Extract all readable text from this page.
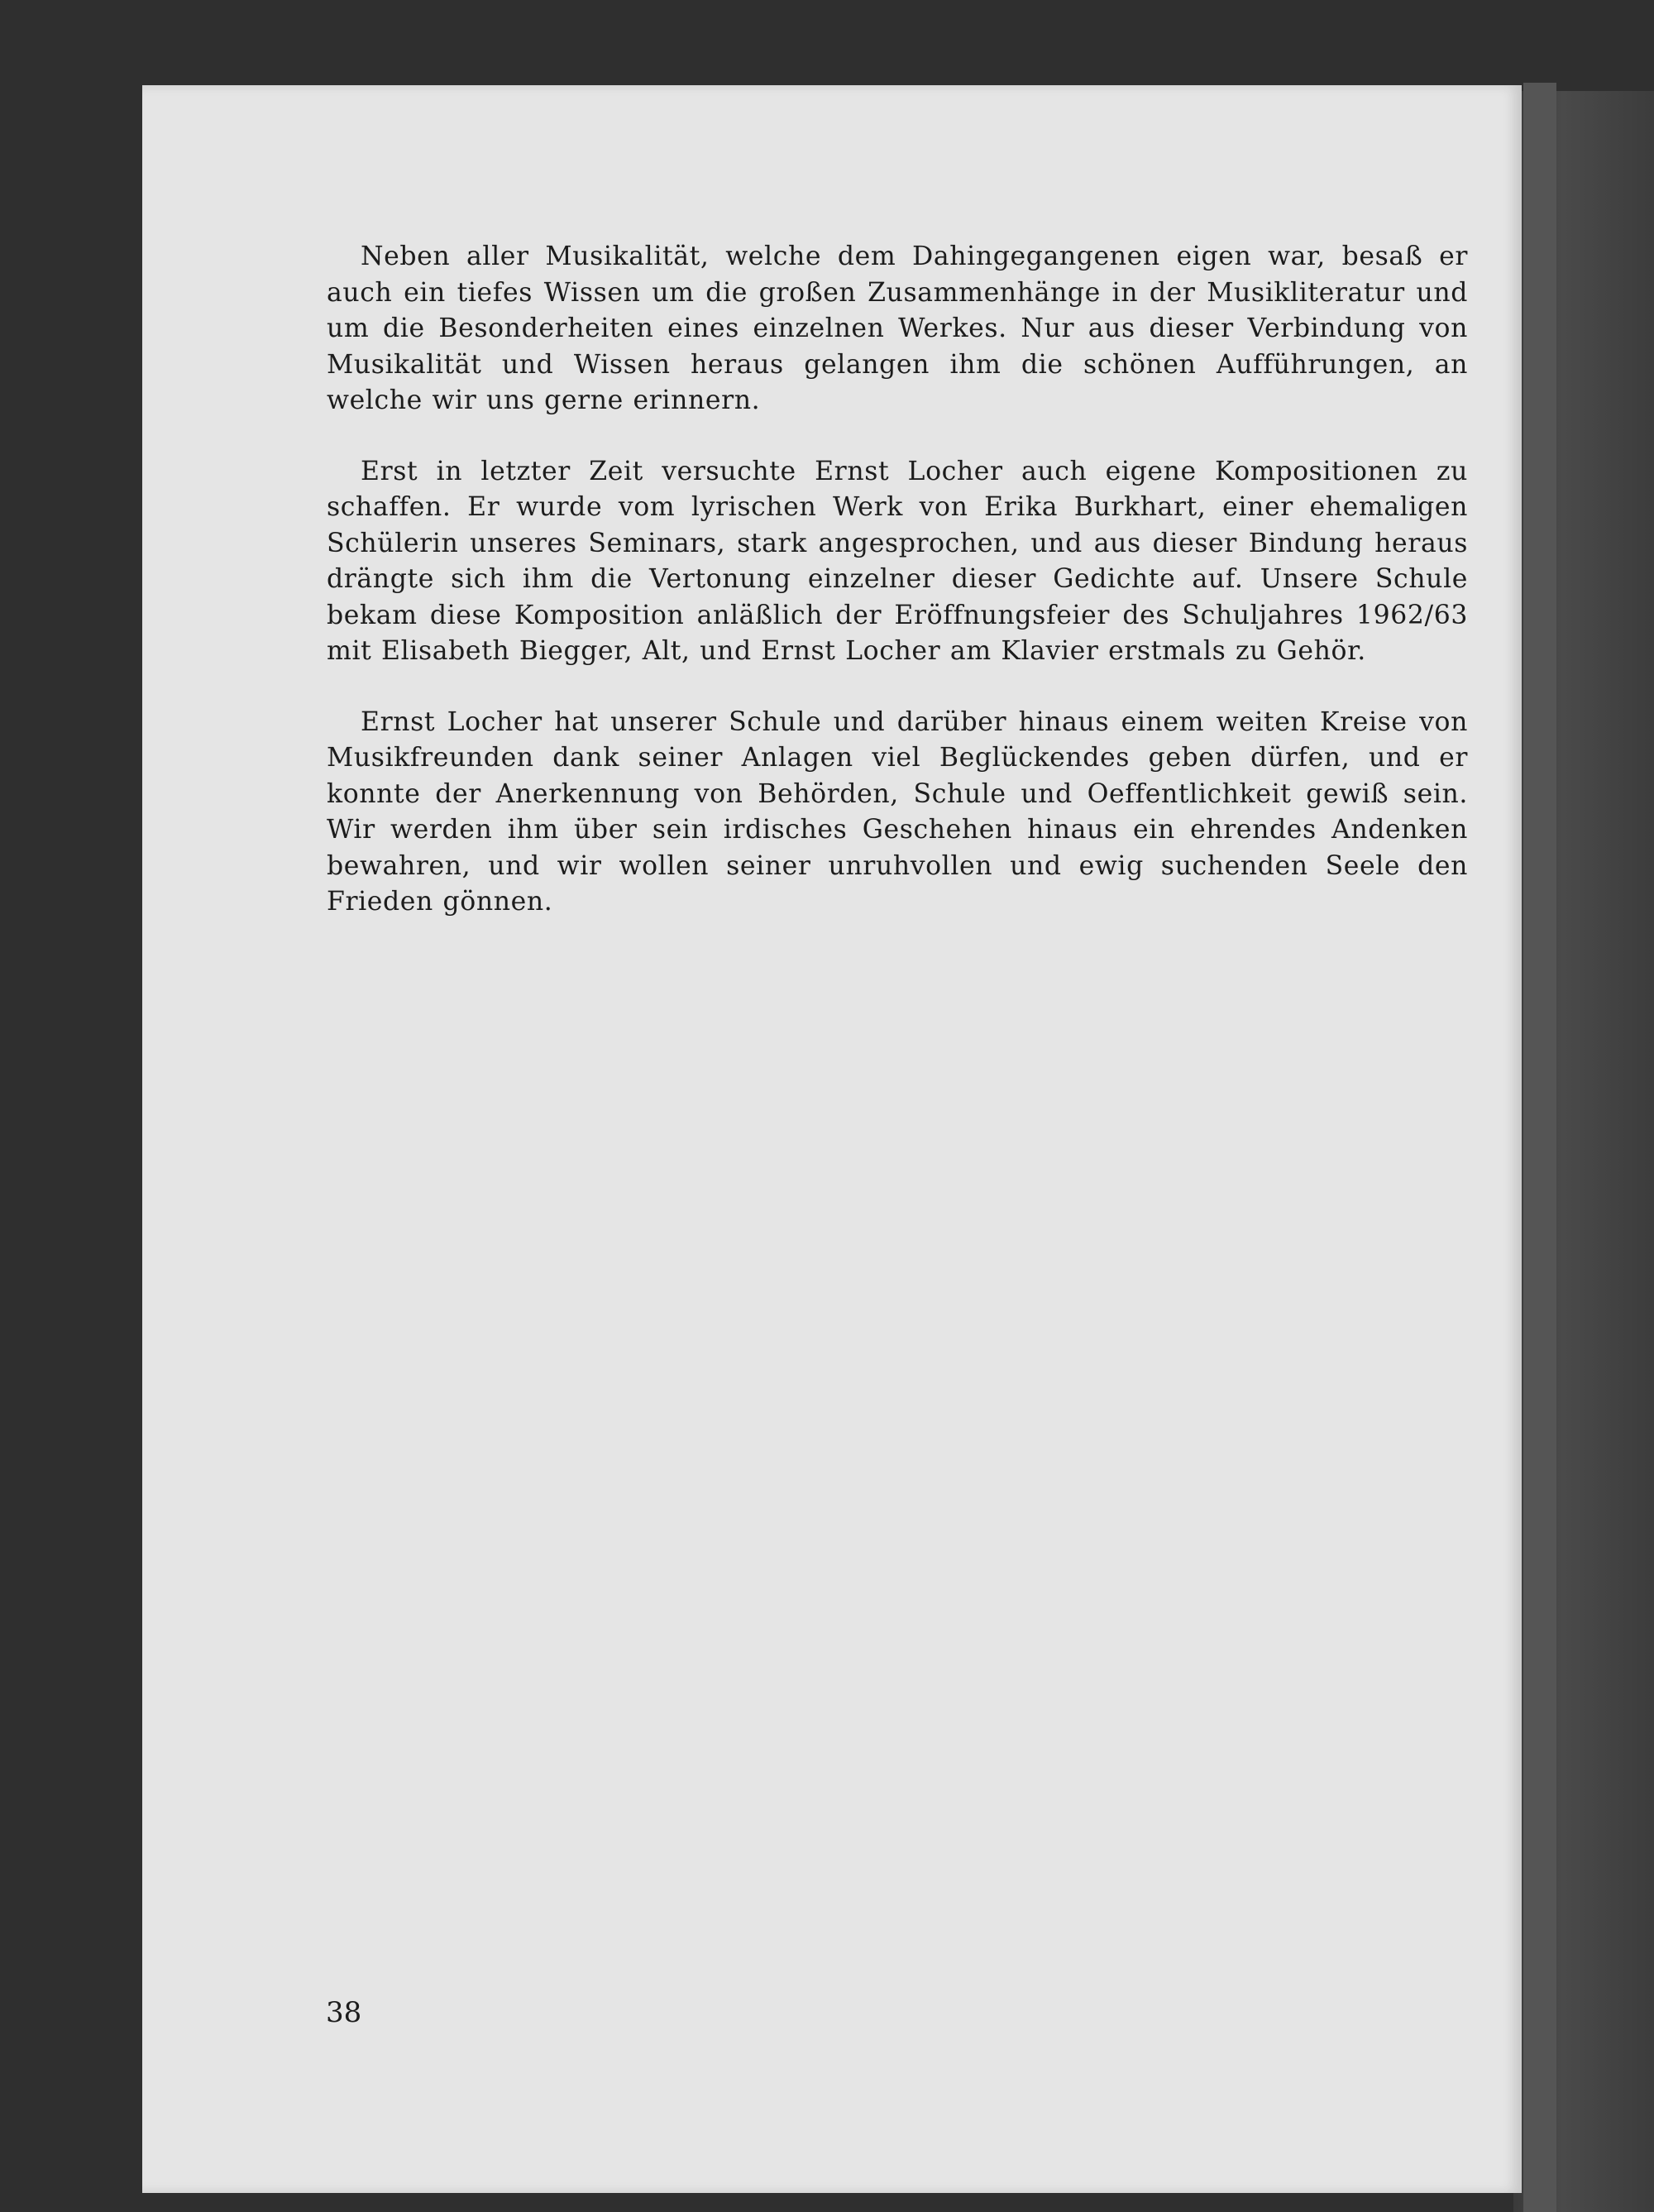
Neben aller Musikalität, welche dem Dahingegangenen eigen war, besaß er auch ein tiefes Wissen um die großen Zusammenhänge in der Musikliteratur und um die Besonderheiten eines einzelnen Werkes. Nur aus dieser Verbindung von Musikalität und Wissen heraus gelangen ihm die schönen Aufführungen, an welche wir uns gerne erinnern.

Erst in letzter Zeit versuchte Ernst Locher auch eigene Kompositionen zu schaffen. Er wurde vom lyrischen Werk von Erika Burkhart, einer ehemaligen Schülerin unseres Seminars, stark angesprochen, und aus dieser Bindung heraus drängte sich ihm die Vertonung einzelner dieser Gedichte auf. Unsere Schule bekam diese Komposition anläßlich der Eröffnungsfeier des Schuljahres 1962/63 mit Elisabeth Biegger, Alt, und Ernst Locher am Klavier erstmals zu Gehör.

Ernst Locher hat unserer Schule und darüber hinaus einem weiten Kreise von Musikfreunden dank seiner Anlagen viel Beglückendes geben dürfen, und er konnte der Anerkennung von Behörden, Schule und Oeffentlichkeit gewiß sein. Wir werden ihm über sein irdisches Geschehen hinaus ein ehrendes Andenken bewahren, und wir wollen seiner unruhvollen und ewig suchenden Seele den Frieden gönnen.

38
